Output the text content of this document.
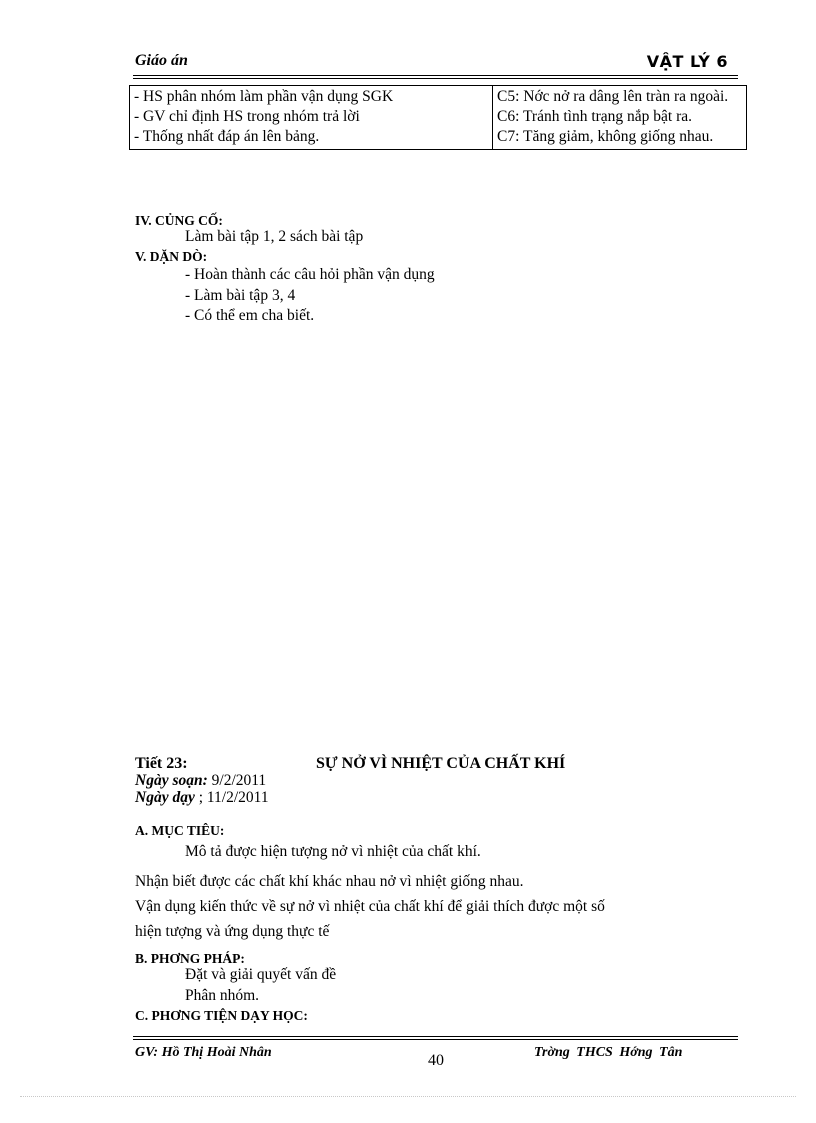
Giáo án	VẬT LÝ 6
- HS phân nhóm làm phần vận dụng SGK
- GV chỉ định HS trong nhóm trả lời
- Thống nhất đáp án lên bảng.

C5: Nớc nở ra dâng lên tràn ra ngoài.
C6: Tránh tình trạng nắp bật ra.
C7: Tăng giảm, không giống nhau.
IV. CỦNG CỐ:
Làm bài tập 1, 2 sách bài tập
V. DẶN DÒ:
- Hoàn thành các câu hỏi phần vận dụng
- Làm bài tập 3, 4
- Có thể em cha biết.
Tiết 23:	SỰ NỞ VÌ NHIỆT CỦA CHẤT KHÍ
Ngày soạn: 9/2/2011
Ngày dạy ; 11/2/2011
A. MỤC TIÊU:
Mô tả được hiện tượng nở vì nhiệt của chất khí.
Nhận biết được các chất khí khác nhau nở vì nhiệt giống nhau.
Vận dụng kiến thức về sự nở vì nhiệt của chất khí để giải thích được một số
hiện tượng và ứng dụng thực tế
B. PHƠNG PHÁP:
Đặt và giải quyết vấn đề
Phân nhóm.
C. PHƠNG TIỆN DẠY HỌC:
GV: Hồ Thị Hoài Nhân	40	Trờng THCS Hớng Tân
